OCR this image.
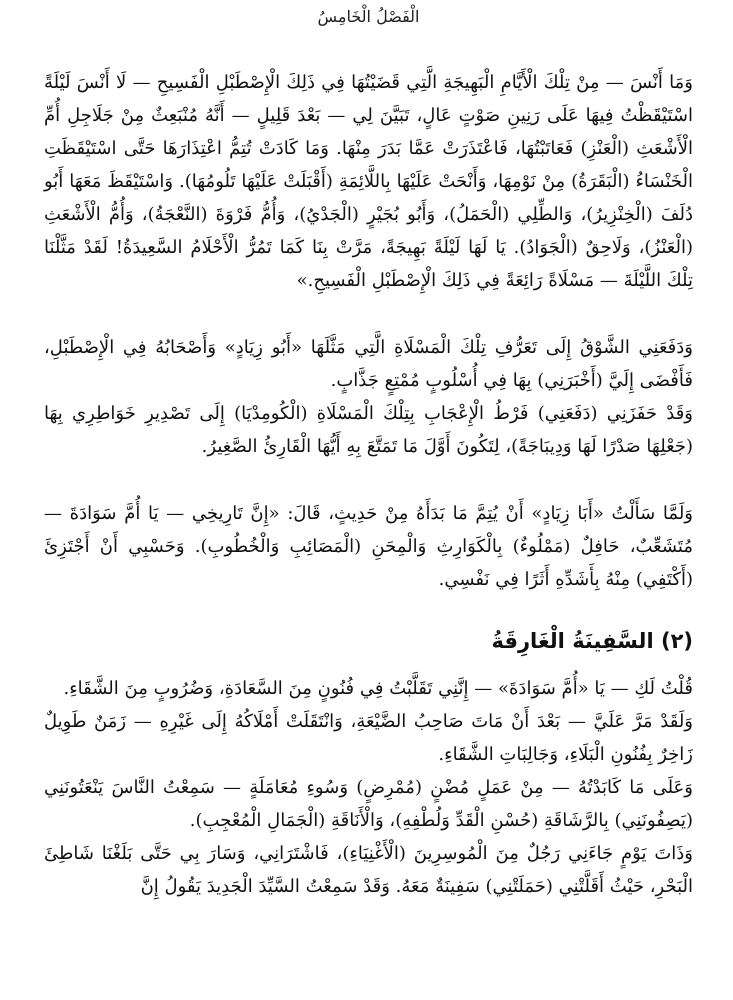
الْفَصْلُ الْخَامِسُ

وَمَا أَنْسَ — مِنْ تِلْكَ الْأَيَّامِ الْبَهِيجَةِ الَّتِي قَضَيْتُهَا فِي ذَلِكَ الْإِصْطَبْلِ الْفَسِيحِ — لَا أَنْسَ لَيْلَةً اسْتَيْقَظْتُ فِيهَا عَلَى رَنِينِ صَوْتٍ عَالٍ، تَبَيَّنَ لِي — بَعْدَ قَلِيلٍ — أَنَّهُ مُنْبَعِثٌ مِنْ جَلَاجِلِ أُمِّ الْأَشْعَثِ (الْعَنْزِ) فَعَاتَبْتُهَا، فَاعْتَذَرَتْ عَمَّا بَدَرَ مِنْهَا. وَمَا كَادَتْ تُتِمُّ اعْتِذَارَهَا حَتَّى اسْتَيْقَظَتِ الْخَنْسَاءُ (الْبَقَرَةُ) مِنْ نَوْمِهَا، وَأَنْحَتْ عَلَيْهَا بِاللَّائِمَةِ (أَقْبَلَتْ عَلَيْهَا تَلُومُهَا). وَاسْتَيْقَظَ مَعَهَا أَبُو دُلَفَ (الْخِنْزِيرُ)، وَالطِّلِي (الْحَمَلُ)، وَأَبُو بُجَيْرٍ (الْجَدْيُ)، وَأُمُّ فَرْوَةَ (النَّعْجَةُ)، وَأُمُّ الْأَشْعَثِ (الْعَنْزُ)، وَلَاحِقٌ (الْجَوَادُ). يَا لَهَا لَيْلَةً بَهِيجَةً، مَرَّتْ بِنَا كَمَا تَمُرُّ الْأَحْلَامُ السَّعِيدَةُ! لَقَدْ مَثَّلْنَا تِلْكَ اللَّيْلَةَ — مَسْلَاةً رَائِعَةً فِي ذَلِكَ الْإِصْطَبْلِ الْفَسِيحِ.»

وَدَفَعَنِي الشَّوْقُ إِلَى تَعَرُّفِ تِلْكَ الْمَسْلَاةِ الَّتِي مَثَّلَهَا «أَبُو زِيَادٍ» وَأَصْحَابُهُ فِي الْإِصْطَبْلِ، فَأَفْضَى إِلَيَّ (أَخْبَرَنِي) بِهَا فِي أُسْلُوبٍ مُمْتِعٍ جَذَّابٍ.

وَقَدْ حَفَزَنِي (دَفَعَنِي) فَرْطُ الْإِعْجَابِ بِتِلْكَ الْمَسْلَاةِ (الْكُومِدْيَا) إِلَى تَصْدِيرِ خَوَاطِرِي بِهَا (جَعْلِهَا صَدْرًا لَهَا وَدِيبَاجَةً)، لِتَكُونَ أَوَّلَ مَا تَمَتَّعَ بِهِ أَيُّهَا الْقَارِئُ الصَّغِيرُ.

وَلَمَّا سَأَلْتُ «أَبَا زِيَادٍ» أَنْ يُتِمَّ مَا بَدَأَهُ مِنْ حَدِيثٍ، قَالَ: «إِنَّ تَارِيخِي — يَا أُمَّ سَوَادَةَ — مُتَشَعِّبٌ، حَافِلٌ (مَمْلُوءٌ) بِالْكَوَارِثِ وَالْمِحَنِ (الْمَصَائِبِ وَالْخُطُوبِ). وَحَسْبِي أَنْ أَجْتَزِئَ (أَكْتَفِي) مِنْهُ بِأَشَدِّهِ أَثَرًا فِي نَفْسِي.

(٢) السَّفِينَةُ الْغَارِقَةُ

قُلْتُ لَكِ — يَا «أُمَّ سَوَادَةَ» — إِنَّنِي تَقَلَّبْتُ فِي فُنُونٍ مِنَ السَّعَادَةِ، وَضُرُوبٍ مِنَ الشَّقَاءِ.

وَلَقَدْ مَرَّ عَلَيَّ — بَعْدَ أَنْ مَاتَ صَاحِبُ الضَّيْعَةِ، وَانْتَقَلَتْ أَمْلَاكُهُ إِلَى غَيْرِهِ — زَمَنٌ طَوِيلٌ زَاخِرٌ بِفُنُونِ الْبَلَاءِ، وَجَالِبَاتِ الشَّقَاءِ.

وَعَلَى مَا كَابَدْتُهُ — مِنْ عَمَلٍ مُضْنٍ (مُمْرِضٍ) وَسُوءِ مُعَامَلَةٍ — سَمِعْتُ النَّاسَ يَنْعَتُونَنِي (يَصِفُونَنِي) بِالرَّشَاقَةِ (حُسْنِ الْقَدِّ وَلُطْفِهِ)، وَالْأَنَاقَةِ (الْجَمَالِ الْمُعْجِبِ).

وَذَاتَ يَوْمٍ جَاءَنِي رَجُلٌ مِنَ الْمُوسِرِينَ (الْأَغْنِيَاءِ)، فَاشْتَرَانِي، وَسَارَ بِي حَتَّى بَلَغْنَا شَاطِئَ الْبَحْرِ، حَيْثُ أَقَلَّتْنِي (حَمَلَتْنِي) سَفِينَةٌ مَعَهُ. وَقَدْ سَمِعْتُ السَّيِّدَ الْجَدِيدَ يَقُولُ إِنَّ
